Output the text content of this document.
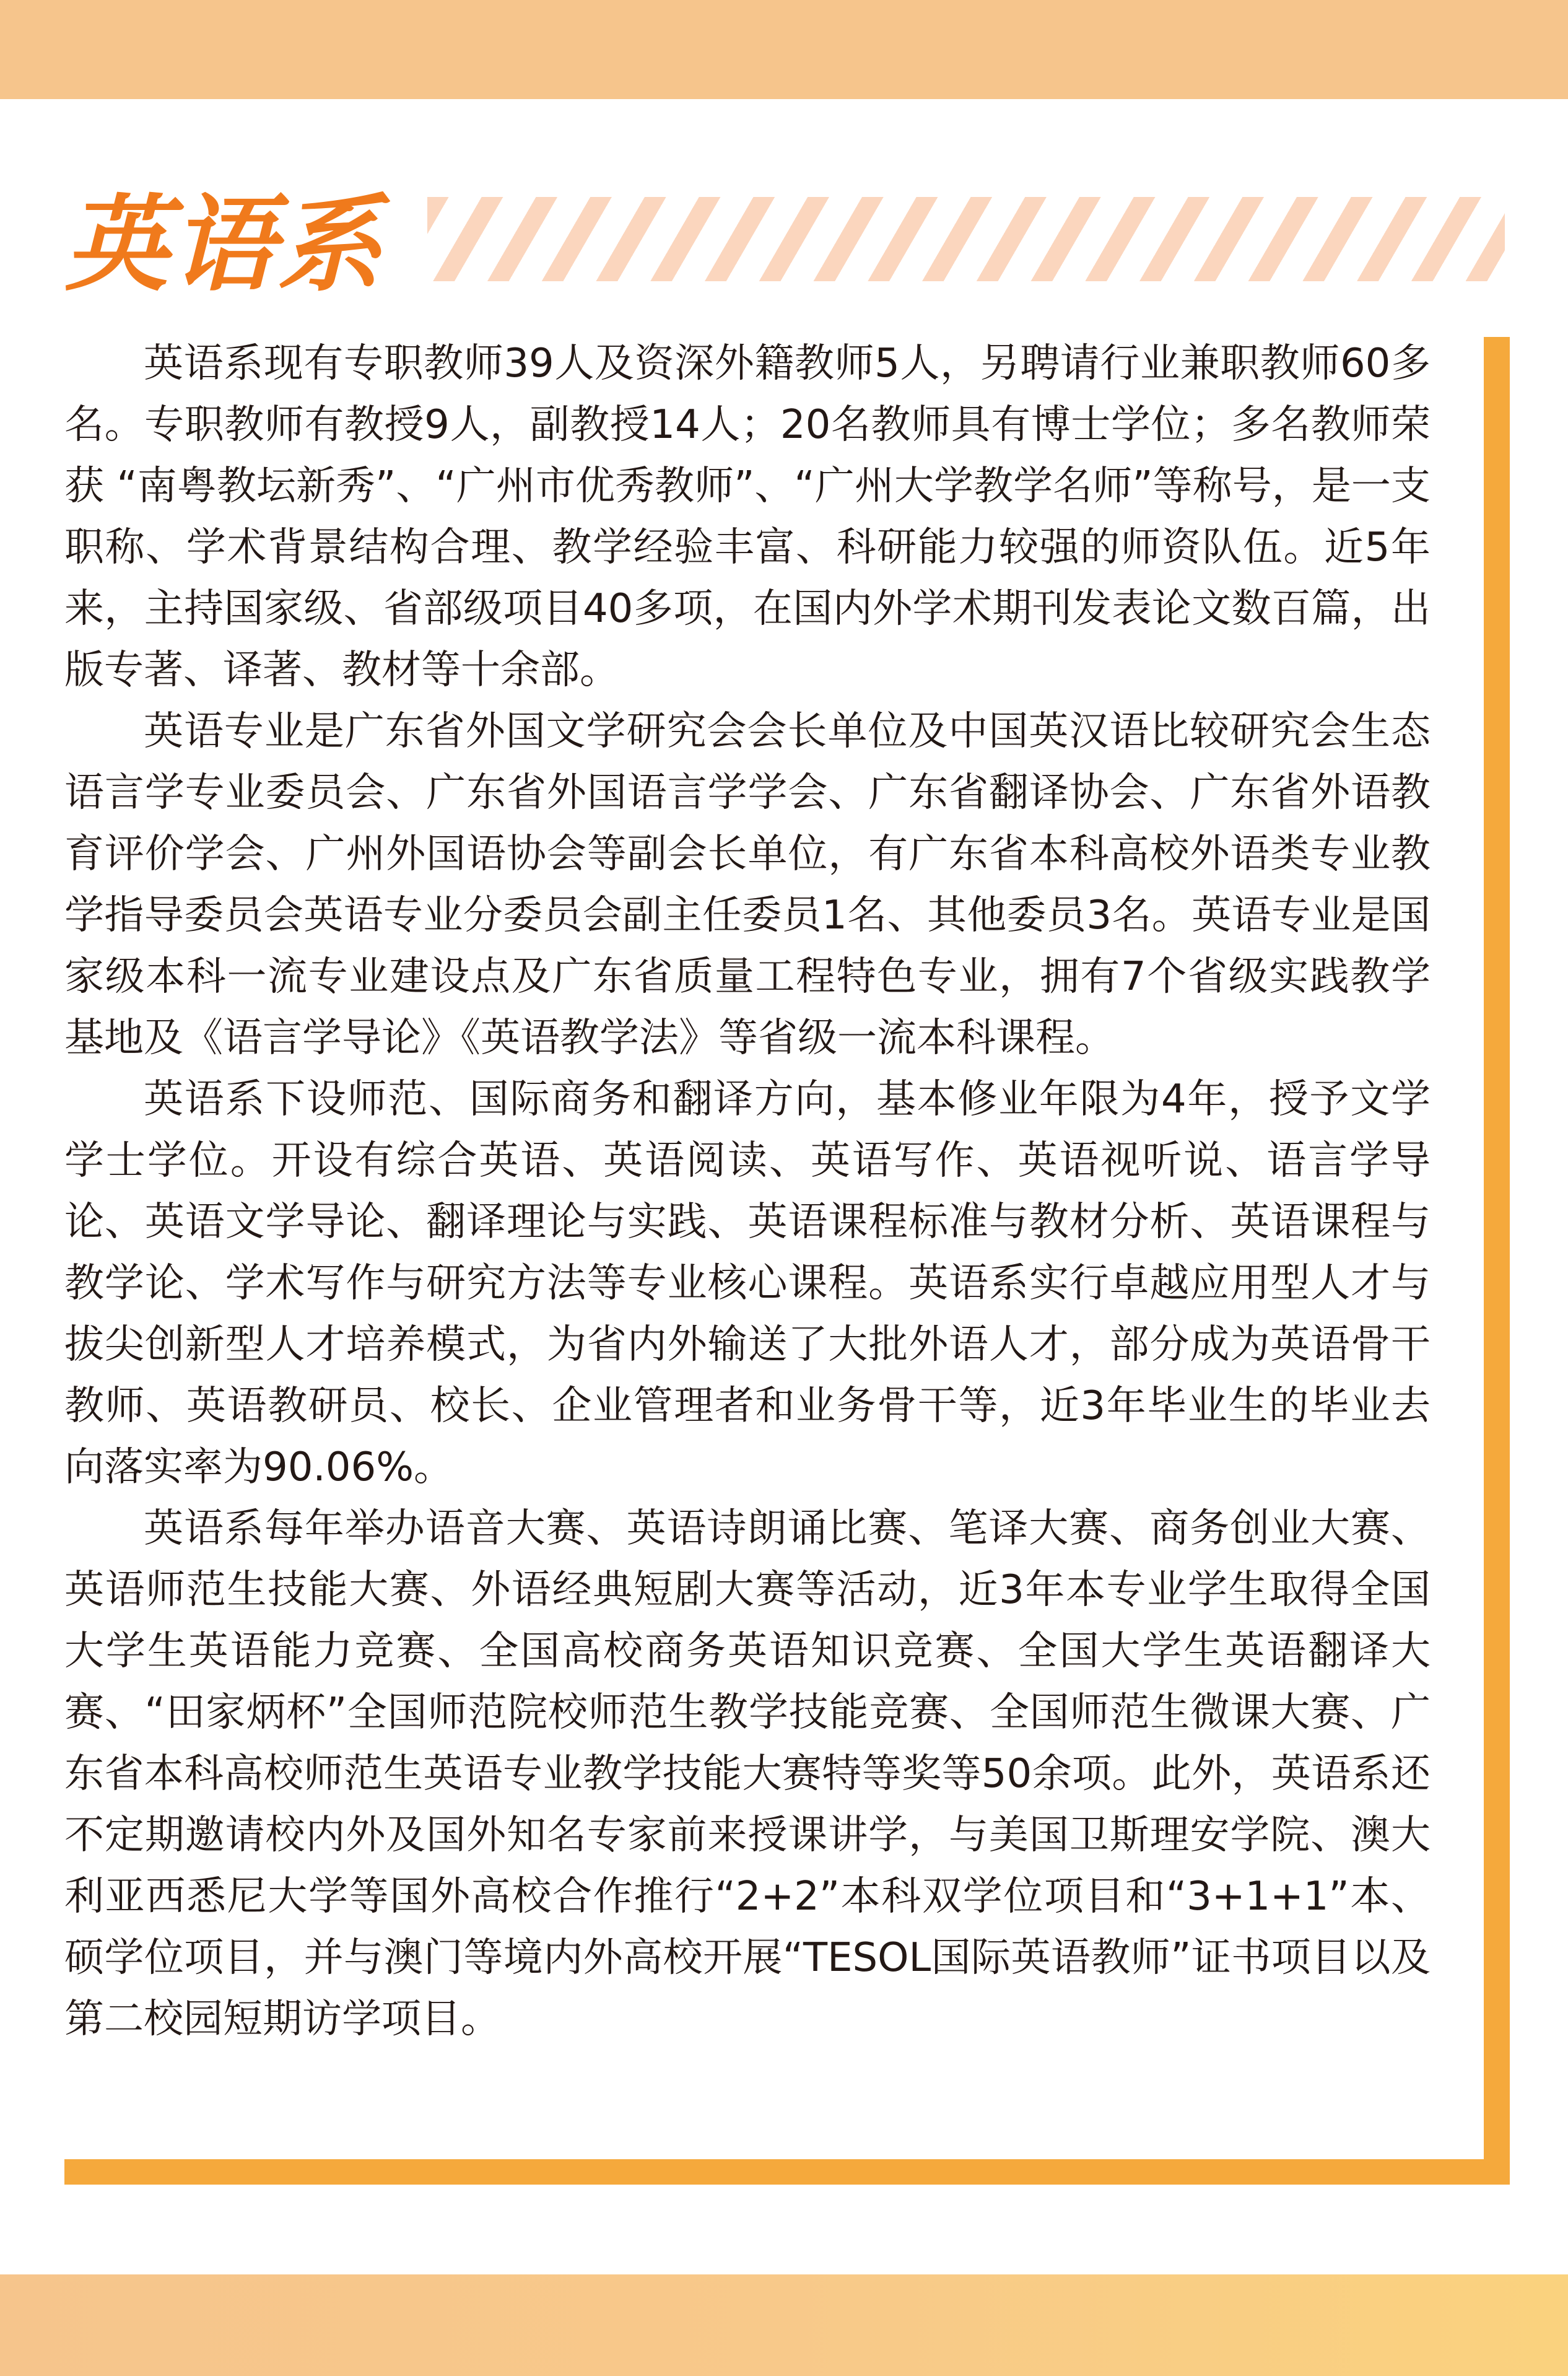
英语系

英语系现有专职教师39人及资深外籍教师5人，另聘请行业兼职教师60多名。专职教师有教授9人，副教授14人；20名教师具有博士学位；多名教师荣获 “南粤教坛新秀”、“广州市优秀教师”、“广州大学教学名师”等称号，是一支职称、学术背景结构合理、教学经验丰富、科研能力较强的师资队伍。近5年来，主持国家级、省部级项目40多项，在国内外学术期刊发表论文数百篇，出版专著、译著、教材等十余部。

英语专业是广东省外国文学研究会会长单位及中国英汉语比较研究会生态语言学专业委员会、广东省外国语言学学会、广东省翻译协会、广东省外语教育评价学会、广州外国语协会等副会长单位，有广东省本科高校外语类专业教学指导委员会英语专业分委员会副主任委员1名、其他委员3名。英语专业是国家级本科一流专业建设点及广东省质量工程特色专业，拥有7个省级实践教学基地及《语言学导论》《英语教学法》等省级一流本科课程。

英语系下设师范、国际商务和翻译方向，基本修业年限为4年，授予文学学士学位。开设有综合英语、英语阅读、英语写作、英语视听说、语言学导论、英语文学导论、翻译理论与实践、英语课程标准与教材分析、英语课程与教学论、学术写作与研究方法等专业核心课程。英语系实行卓越应用型人才与拔尖创新型人才培养模式，为省内外输送了大批外语人才，部分成为英语骨干教师、英语教研员、校长、企业管理者和业务骨干等，近3年毕业生的毕业去向落实率为90.06%。

英语系每年举办语音大赛、英语诗朗诵比赛、笔译大赛、商务创业大赛、英语师范生技能大赛、外语经典短剧大赛等活动，近3年本专业学生取得全国大学生英语能力竞赛、全国高校商务英语知识竞赛、全国大学生英语翻译大赛、“田家炳杯”全国师范院校师范生教学技能竞赛、全国师范生微课大赛、广东省本科高校师范生英语专业教学技能大赛特等奖等50余项。此外，英语系还不定期邀请校内外及国外知名专家前来授课讲学，与美国卫斯理安学院、澳大利亚西悉尼大学等国外高校合作推行“2+2”本科双学位项目和“3+1+1”本、硕学位项目，并与澳门等境内外高校开展“TESOL国际英语教师”证书项目以及第二校园短期访学项目。
